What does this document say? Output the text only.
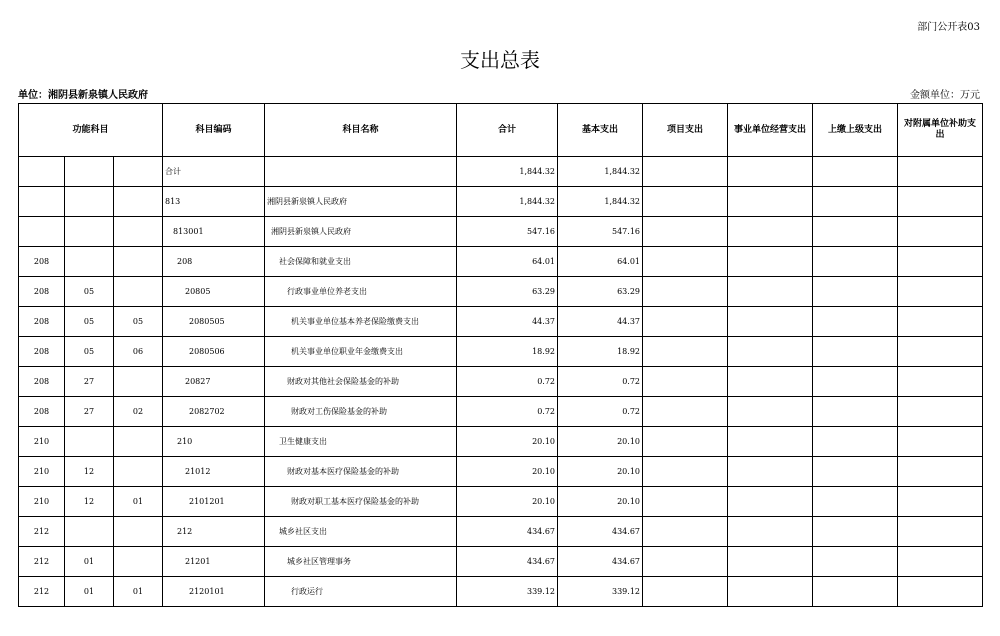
部门公开表03
支出总表
单位：湘阴县新泉镇人民政府	金额单位：万元
功能科目			科目编码	科目名称	合计	基本支出	项目支出	事业单位经营支出	上缴上级支出	对附属单位补助支出
			合计		1,844.32	1,844.32				
			813	湘阴县新泉镇人民政府	1,844.32	1,844.32				
			813001	湘阴县新泉镇人民政府	547.16	547.16				
208			208	社会保障和就业支出	64.01	64.01				
208	05		20805	行政事业单位养老支出	63.29	63.29				
208	05	05	2080505	机关事业单位基本养老保险缴费支出	44.37	44.37				
208	05	06	2080506	机关事业单位职业年金缴费支出	18.92	18.92				
208	27		20827	财政对其他社会保险基金的补助	0.72	0.72				
208	27	02	2082702	财政对工伤保险基金的补助	0.72	0.72				
210			210	卫生健康支出	20.10	20.10				
210	12		21012	财政对基本医疗保险基金的补助	20.10	20.10				
210	12	01	2101201	财政对职工基本医疗保险基金的补助	20.10	20.10				
212			212	城乡社区支出	434.67	434.67				
212	01		21201	城乡社区管理事务	434.67	434.67				
212	01	01	2120101	行政运行	339.12	339.12				
